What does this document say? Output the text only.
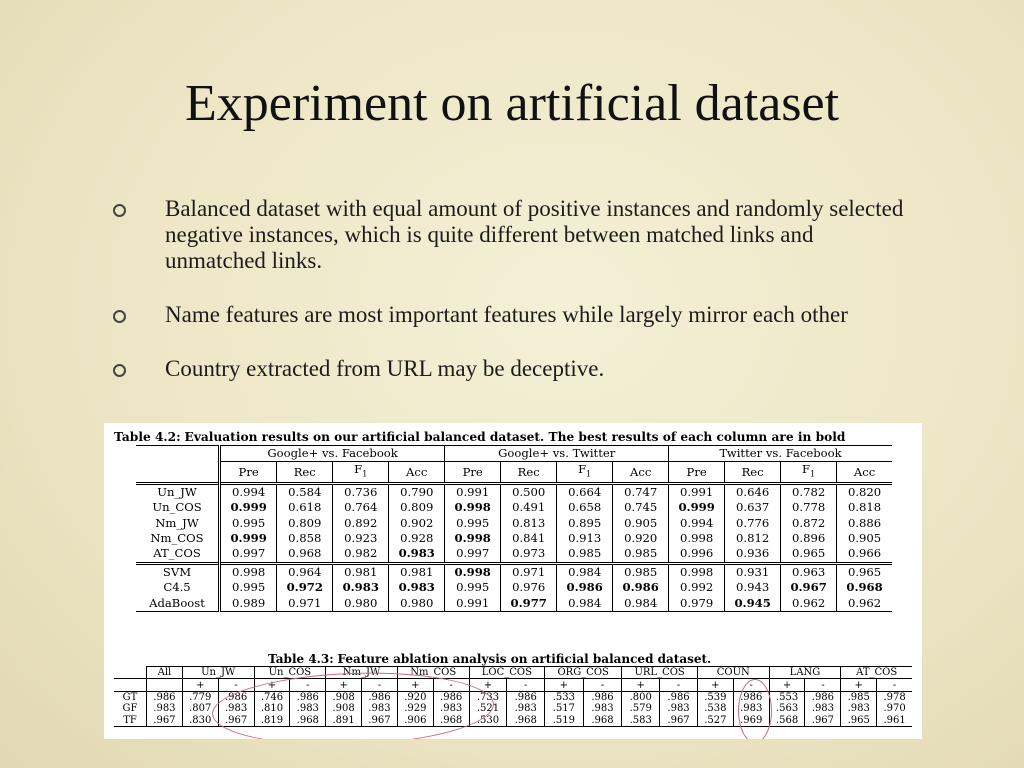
Experiment on artificial dataset
Balanced dataset with equal amount of positive instances and randomly selected negative instances, which is quite different between matched links and unmatched links.
Name features are most important features while largely mirror each other
Country extracted from URL may be deceptive.
Table 4.2: Evaluation results on our artificial balanced dataset. The best results of each column are in bold
	Google+ vs. Facebook				Google+ vs. Twitter				Twitter vs. Facebook			
	Pre	Rec	$F_1$	Acc	Pre	Rec	$F_1$	Acc	Pre	Rec	$F_1$	Acc
Un_JW	0.994	0.584	0.736	0.790	0.991	0.500	0.664	0.747	0.991	0.646	0.782	0.820
Un_COS	0.999	0.618	0.764	0.809	0.998	0.491	0.658	0.745	0.999	0.637	0.778	0.818
Nm_JW	0.995	0.809	0.892	0.902	0.995	0.813	0.895	0.905	0.994	0.776	0.872	0.886
Nm_COS	0.999	0.858	0.923	0.928	0.998	0.841	0.913	0.920	0.998	0.812	0.896	0.905
AT_COS	0.997	0.968	0.982	0.983	0.997	0.973	0.985	0.985	0.996	0.936	0.965	0.966
SVM	0.998	0.964	0.981	0.981	0.998	0.971	0.984	0.985	0.998	0.931	0.963	0.965
C4.5	0.995	0.972	0.983	0.983	0.995	0.976	0.986	0.986	0.992	0.943	0.967	0.968
AdaBoost	0.989	0.971	0.980	0.980	0.991	0.977	0.984	0.984	0.979	0.945	0.962	0.962
Table 4.3: Feature ablation analysis on artificial balanced dataset.
	All	Un_JW		Un_COS		Nm_JW		Nm_COS		LOC_COS		ORG_COS		URL_COS		COUN		LANG		AT_COS	
		+	-	+	-	+	-	+	-	+	-	+	-	+	-	+	-	+	-	+	-
GT	.986	.779	.986	.746	.986	.908	.986	.920	.986	.733	.986	.533	.986	.800	.986	.539	.986	.553	.986	.985	.978
GF	.983	.807	.983	.810	.983	.908	.983	.929	.983	.521	.983	.517	.983	.579	.983	.538	.983	.563	.983	.983	.970
TF	.967	.830	.967	.819	.968	.891	.967	.906	.968	.530	.968	.519	.968	.583	.967	.527	.969	.568	.967	.965	.961
